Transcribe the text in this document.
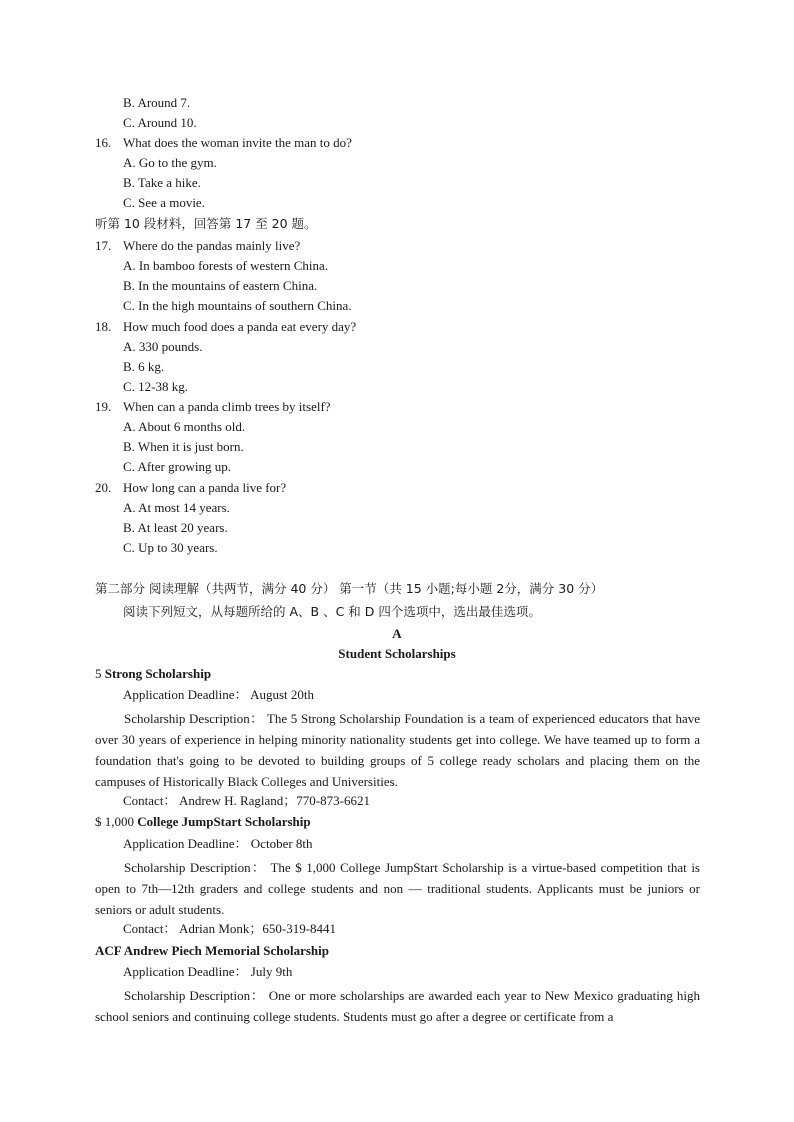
B. Around 7.
C. Around 10.
16. What does the woman invite the man to do?
A. Go to the gym.
B. Take a hike.
C. See a movie.
听第 10 段材料，回答第 17 至 20 题。
17. Where do the pandas mainly live?
A. In bamboo forests of western China.
B. In the mountains of eastern China.
C. In the high mountains of southern China.
18. How much food does a panda eat every day?
A. 330 pounds.
B. 6 kg.
C. 12-38 kg.
19. When can a panda climb trees by itself?
A. About 6 months old.
B. When it is just born.
C. After growing up.
20. How long can a panda live for?
A. At most 14 years.
B. At least 20 years.
C. Up to 30 years.
第二部分 阅读理解（共两节，满分 40 分） 第一节（共 15 小题;每小题 2分，满分 30 分）
阅读下列短文，从每题所给的 A、B 、C 和 D 四个选项中，选出最佳选项。
A
Student Scholarships
5 Strong Scholarship
Application Deadline： August 20th
Scholarship Description： The 5 Strong Scholarship Foundation is a team of experienced educators that have over 30 years of experience in helping minority nationality students get into college. We have teamed up to form a foundation that's going to be devoted to building groups of 5 college ready scholars and placing them on the campuses of Historically Black Colleges and Universities.
Contact： Andrew H. Ragland；770-873-6621
$ 1,000 College JumpStart Scholarship
Application Deadline： October 8th
Scholarship Description： The $ 1,000 College JumpStart Scholarship is a virtue-based competition that is open to 7th—12th graders and college students and non — traditional students. Applicants must be juniors or seniors or adult students.
Contact： Adrian Monk；650-319-8441
ACF Andrew Piech Memorial Scholarship
Application Deadline： July 9th
Scholarship Description： One or more scholarships are awarded each year to New Mexico graduating high school seniors and continuing college students. Students must go after a degree or certificate from a
